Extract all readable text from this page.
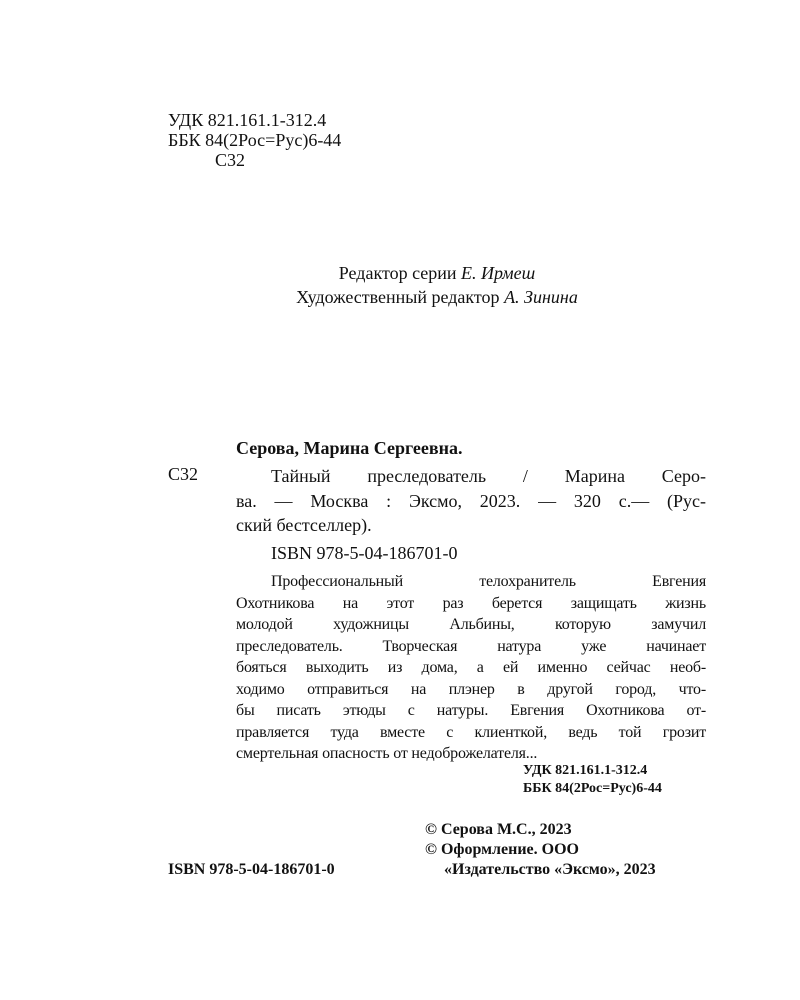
УДК 821.161.1-312.4
ББК 84(2Рос=Рус)6-44
С32
Редактор серии Е. Ирмеш
Художественный редактор А. Зинина
Серова, Марина Сергеевна.
С32	Тайный преследователь / Марина Серо-

ва. — Москва : Эксмо, 2023. — 320 с.— (Рус-

ский бестселлер).

ISBN 978-5-04-186701-0

Профессиональный телохранитель Евгения

Охотникова на этот раз берется защищать жизнь

молодой художницы Альбины, которую замучил

преследователь. Творческая натура уже начинает

бояться выходить из дома, а ей именно сейчас необ-

ходимо отправиться на плэнер в другой город, что-

бы писать этюды с натуры. Евгения Охотникова от-

правляется туда вместе с клиенткой, ведь той грозит

смертельная опасность от недоброжелателя...

УДК 821.161.1-312.4
ББК 84(2Рос=Рус)6-44
© Серова М.С., 2023
© Оформление. ООО
«Издательство «Эксмо», 2023
ISBN 978-5-04-186701-0
